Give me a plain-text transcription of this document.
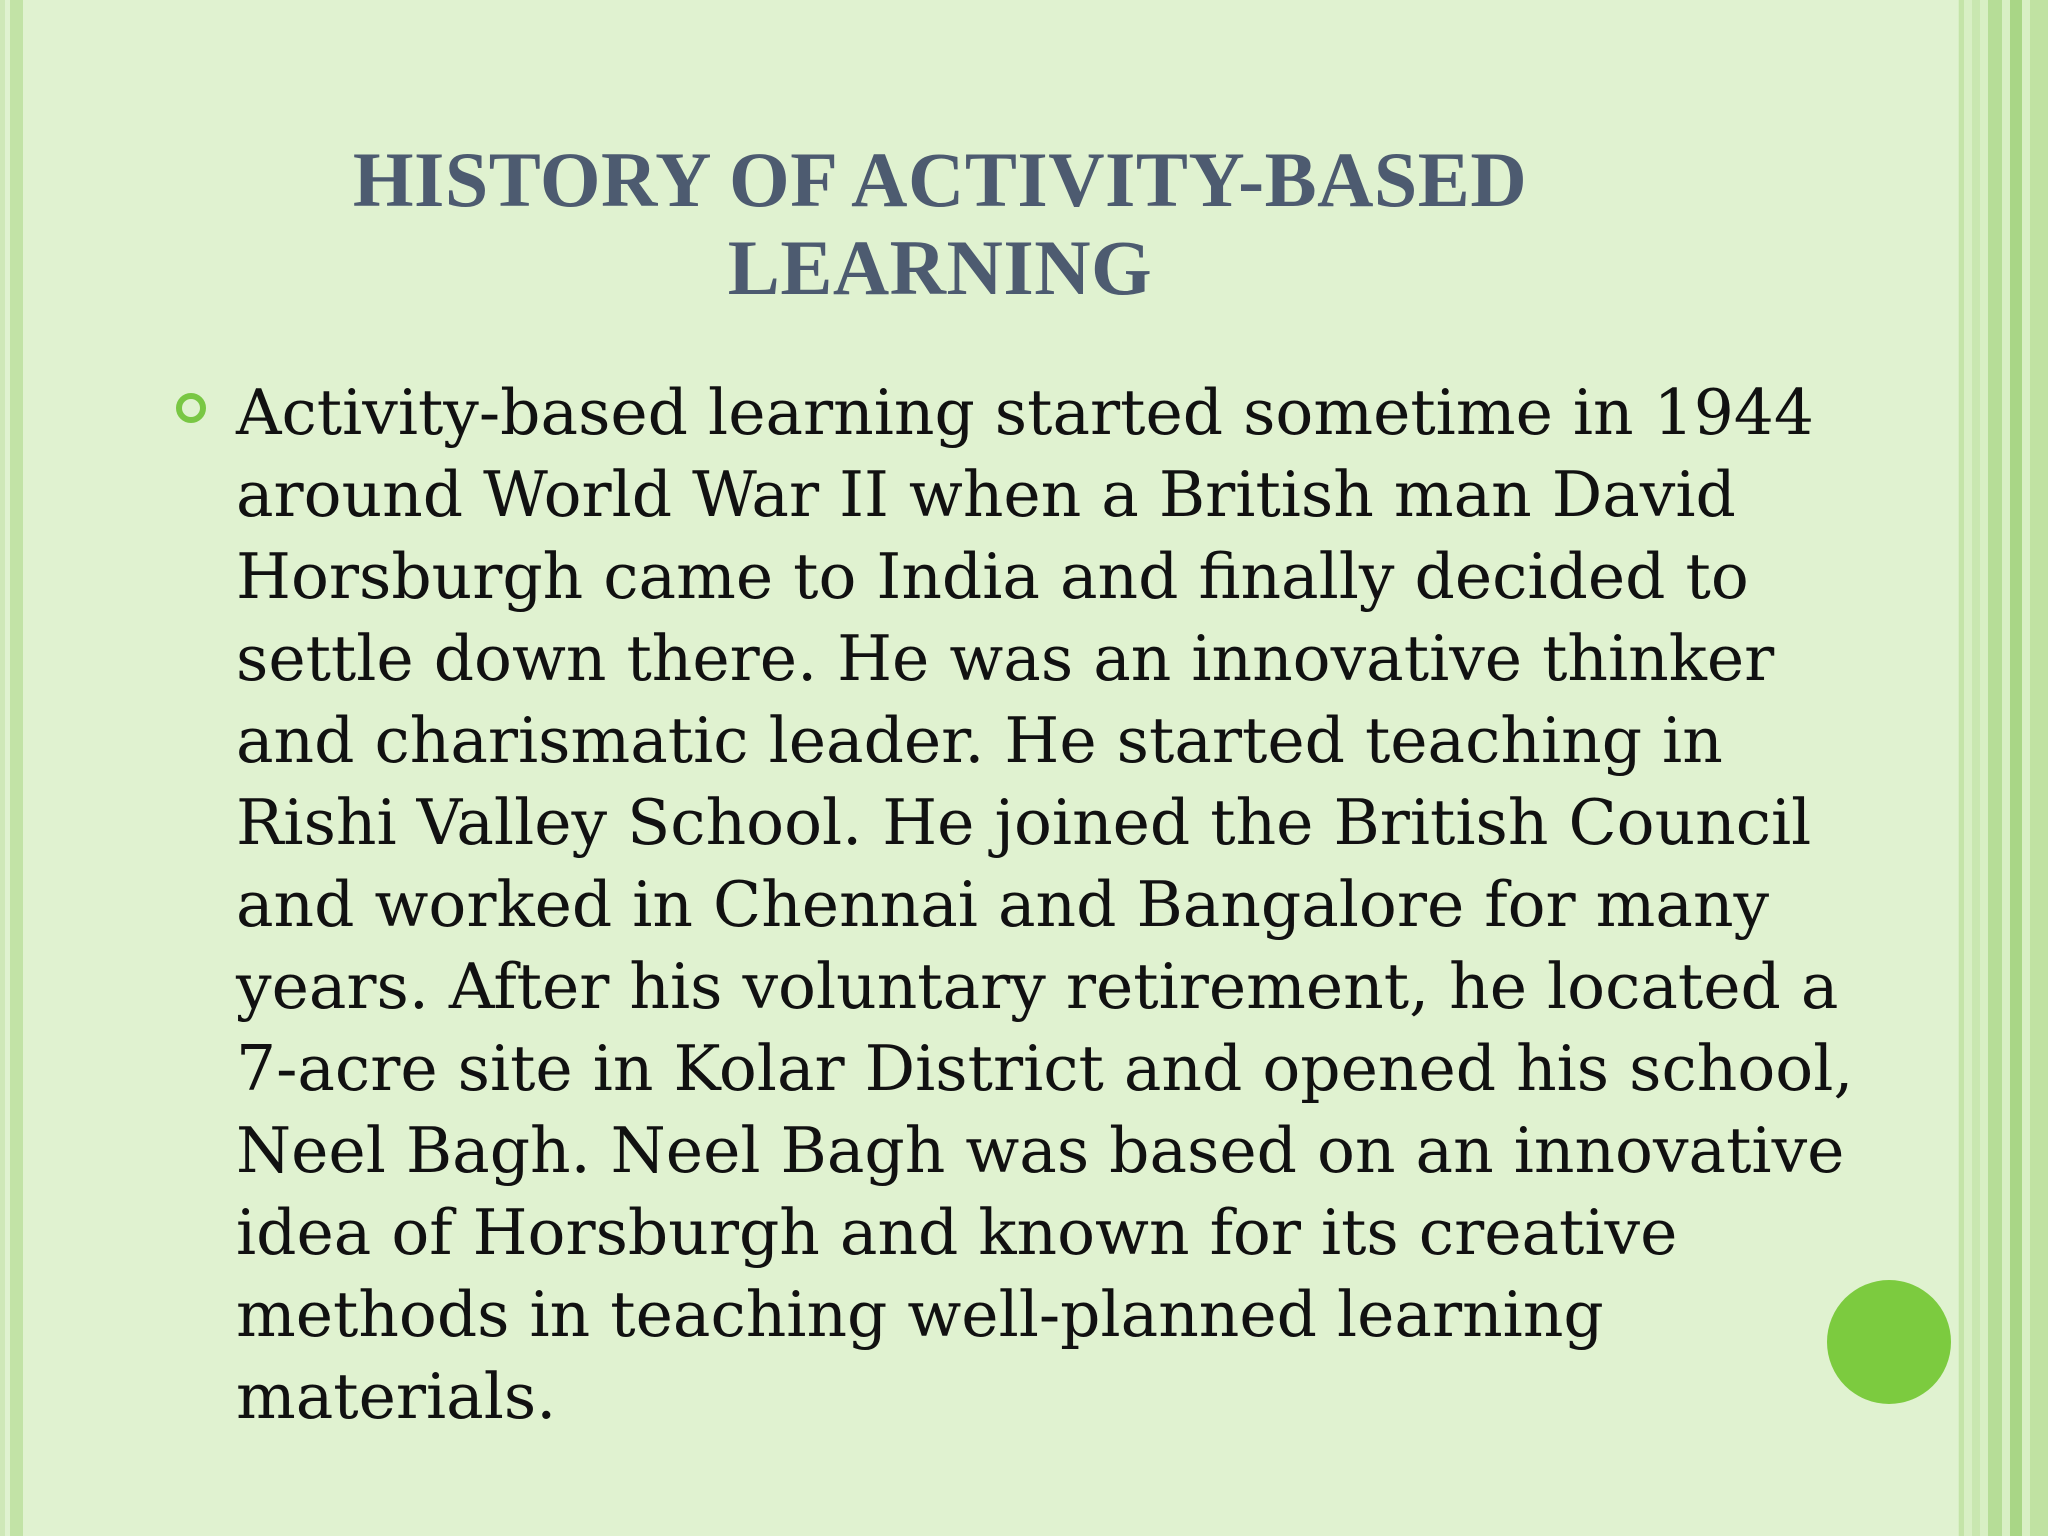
HISTORY OF ACTIVITY-BASED LEARNING

Activity-based learning started sometime in 1944 around World War II when a British man David Horsburgh came to India and finally decided to settle down there. He was an innovative thinker and charismatic leader. He started teaching in Rishi Valley School. He joined the British Council and worked in Chennai and Bangalore for many years. After his voluntary retirement, he located a 7-acre site in Kolar District and opened his school, Neel Bagh. Neel Bagh was based on an innovative idea of Horsburgh and known for its creative methods in teaching well-planned learning materials.
